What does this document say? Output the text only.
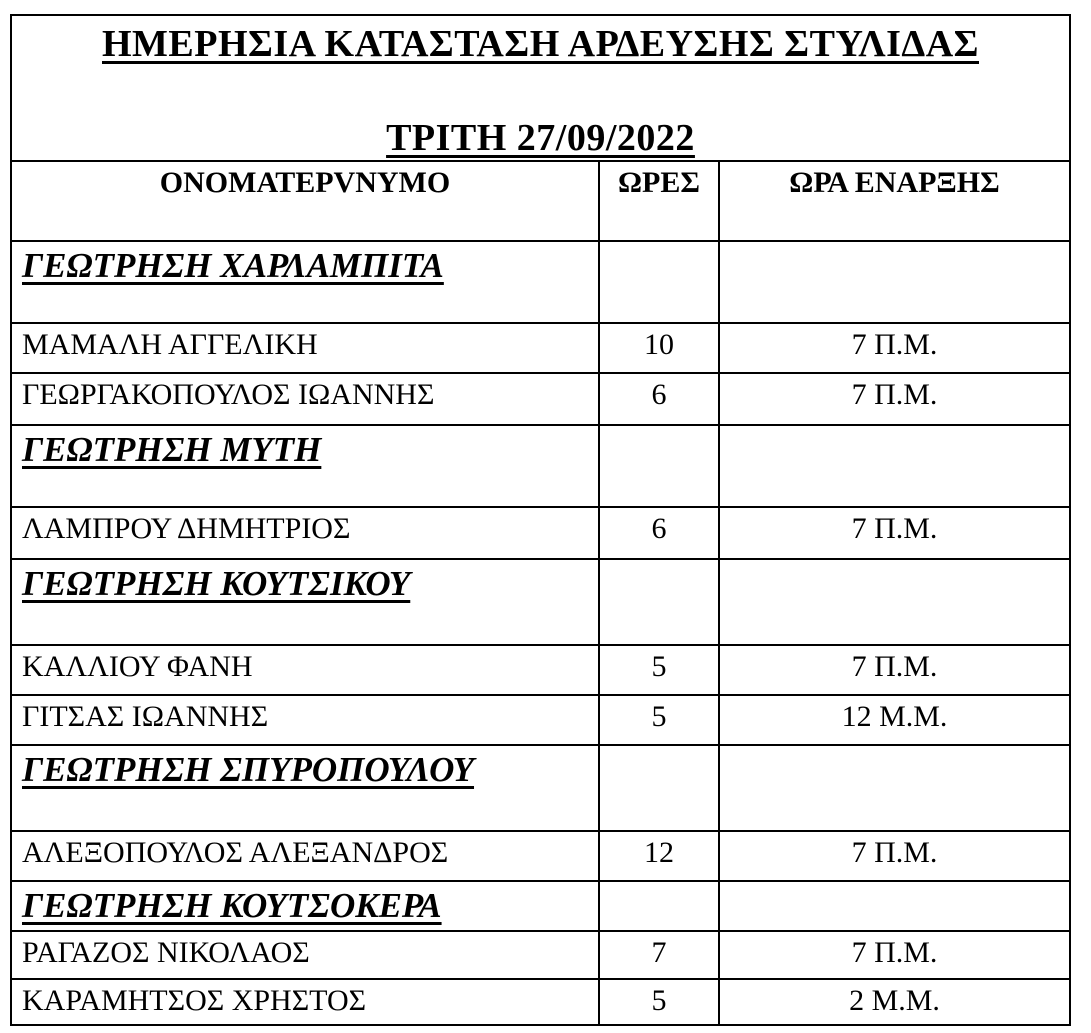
ΗΜΕΡΗΣΙΑ ΚΑΤΑΣΤΑΣΗ ΑΡΔΕΥΣΗΣ ΣΤΥΛΙΔΑΣ
ΤΡΙΤΗ 27/09/2022
ΟΝΟΜΑΤΕΡVΝΥΜΟ	ΩΡΕΣ	ΩΡΑ ΕΝΑΡΞΗΣ
ΓΕΩΤΡΗΣΗ ΧΑΡΛΑΜΠΙΤΑ
ΜΑΜΑΛΗ ΑΓΓΕΛΙΚΗ	10	7 Π.Μ.
ΓΕΩΡΓΑΚΟΠΟΥΛΟΣ ΙΩΑΝΝΗΣ	6	7 Π.Μ.
ΓΕΩΤΡΗΣΗ ΜΥΤΗ
ΛΑΜΠΡΟΥ ΔΗΜΗΤΡΙΟΣ	6	7 Π.Μ.
ΓΕΩΤΡΗΣΗ ΚΟΥΤΣΙΚΟΥ
ΚΑΛΛΙΟΥ ΦΑΝΗ	5	7 Π.Μ.
ΓΙΤΣΑΣ ΙΩΑΝΝΗΣ	5	12 Μ.Μ.
ΓΕΩΤΡΗΣΗ ΣΠΥΡΟΠΟΥΛΟΥ
ΑΛΕΞΟΠΟΥΛΟΣ ΑΛΕΞΑΝΔΡΟΣ	12	7 Π.Μ.
ΓΕΩΤΡΗΣΗ ΚΟΥΤΣΟΚΕΡΑ
ΡΑΓΑΖΟΣ ΝΙΚΟΛΑΟΣ	7	7 Π.Μ.
ΚΑΡΑΜΗΤΣΟΣ ΧΡΗΣΤΟΣ	5	2 Μ.Μ.
